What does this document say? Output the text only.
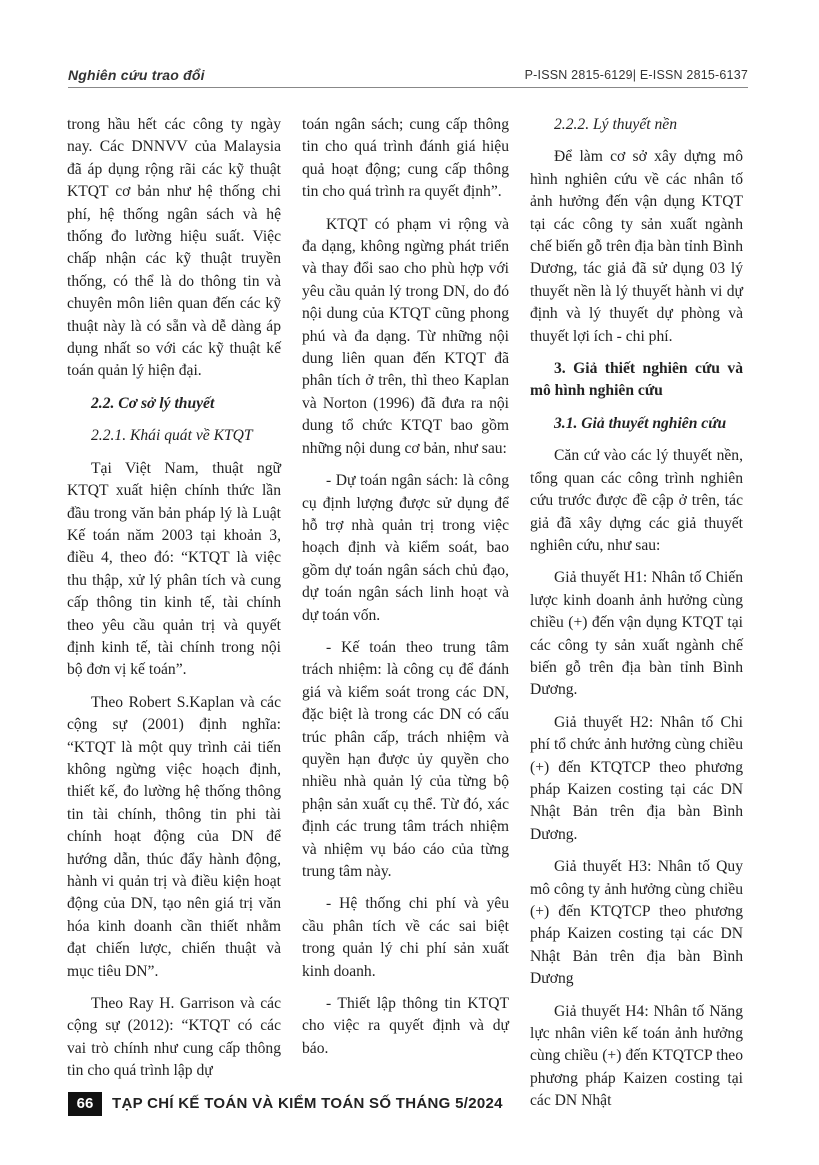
Nghiên cứu trao đổi	P-ISSN 2815-6129| E-ISSN 2815-6137

trong hầu hết các công ty ngày nay. Các DNNVV của Malaysia đã áp dụng rộng rãi các kỹ thuật KTQT cơ bản như hệ thống chi phí, hệ thống ngân sách và hệ thống đo lường hiệu suất. Việc chấp nhận các kỹ thuật truyền thống, có thể là do thông tin và chuyên môn liên quan đến các kỹ thuật này là có sẵn và dễ dàng áp dụng nhất so với các kỹ thuật kế toán quản lý hiện đại.

2.2. Cơ sở lý thuyết

2.2.1. Khái quát về KTQT

Tại Việt Nam, thuật ngữ KTQT xuất hiện chính thức lần đầu trong văn bản pháp lý là Luật Kế toán năm 2003 tại khoản 3, điều 4, theo đó: “KTQT là việc thu thập, xử lý phân tích và cung cấp thông tin kinh tế, tài chính theo yêu cầu quản trị và quyết định kinh tế, tài chính trong nội bộ đơn vị kế toán”.

Theo Robert S.Kaplan và các cộng sự (2001) định nghĩa: “KTQT là một quy trình cải tiến không ngừng việc hoạch định, thiết kế, đo lường hệ thống thông tin tài chính, thông tin phi tài chính hoạt động của DN để hướng dẫn, thúc đẩy hành động, hành vi quản trị và điều kiện hoạt động của DN, tạo nên giá trị văn hóa kinh doanh cần thiết nhằm đạt chiến lược, chiến thuật và mục tiêu DN”.

Theo Ray H. Garrison và các cộng sự (2012): “KTQT có các vai trò chính như cung cấp thông tin cho quá trình lập dự

toán ngân sách; cung cấp thông tin cho quá trình đánh giá hiệu quả hoạt động; cung cấp thông tin cho quá trình ra quyết định”.

KTQT có phạm vi rộng và đa dạng, không ngừng phát triển và thay đổi sao cho phù hợp với yêu cầu quản lý trong DN, do đó nội dung của KTQT cũng phong phú và đa dạng. Từ những nội dung liên quan đến KTQT đã phân tích ở trên, thì theo Kaplan và Norton (1996) đã đưa ra nội dung tổ chức KTQT bao gồm những nội dung cơ bản, như sau:

- Dự toán ngân sách: là công cụ định lượng được sử dụng để hỗ trợ nhà quản trị trong việc hoạch định và kiểm soát, bao gồm dự toán ngân sách chủ đạo, dự toán ngân sách linh hoạt và dự toán vốn.

- Kế toán theo trung tâm trách nhiệm: là công cụ để đánh giá và kiểm soát trong các DN, đặc biệt là trong các DN có cấu trúc phân cấp, trách nhiệm và quyền hạn được ủy quyền cho nhiều nhà quản lý của từng bộ phận sản xuất cụ thể. Từ đó, xác định các trung tâm trách nhiệm và nhiệm vụ báo cáo của từng trung tâm này.

- Hệ thống chi phí và yêu cầu phân tích về các sai biệt trong quản lý chi phí sản xuất kinh doanh.

- Thiết lập thông tin KTQT cho việc ra quyết định và dự báo.

2.2.2. Lý thuyết nền

Để làm cơ sở xây dựng mô hình nghiên cứu về các nhân tố ảnh hưởng đến vận dụng KTQT tại các công ty sản xuất ngành chế biến gỗ trên địa bàn tỉnh Bình Dương, tác giả đã sử dụng 03 lý thuyết nền là lý thuyết hành vi dự định và lý thuyết dự phòng và thuyết lợi ích - chi phí.

3. Giả thiết nghiên cứu và mô hình nghiên cứu

3.1. Giả thuyết nghiên cứu

Căn cứ vào các lý thuyết nền, tổng quan các công trình nghiên cứu trước được đề cập ở trên, tác giả đã xây dựng các giả thuyết nghiên cứu, như sau:

Giả thuyết H1: Nhân tố Chiến lược kinh doanh ảnh hưởng cùng chiều (+) đến vận dụng KTQT tại các công ty sản xuất ngành chế biến gỗ trên địa bàn tỉnh Bình Dương.

Giả thuyết H2: Nhân tố Chi phí tổ chức ảnh hưởng cùng chiều (+) đến KTQTCP theo phương pháp Kaizen costing tại các DN Nhật Bản trên địa bàn Bình Dương.

Giả thuyết H3: Nhân tố Quy mô công ty ảnh hưởng cùng chiều (+) đến KTQTCP theo phương pháp Kaizen costing tại các DN Nhật Bản trên địa bàn Bình Dương

Giả thuyết H4: Nhân tố Năng lực nhân viên kế toán ảnh hưởng cùng chiều (+) đến KTQTCP theo phương pháp Kaizen costing tại các DN Nhật

66	TẠP CHÍ KẾ TOÁN VÀ KIỂM TOÁN SỐ THÁNG 5/2024
